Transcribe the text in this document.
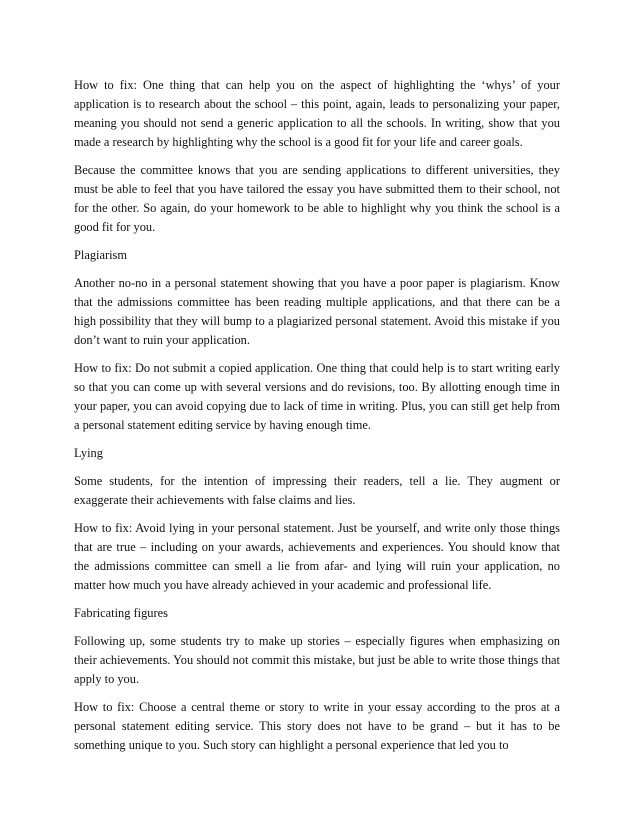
How to fix: One thing that can help you on the aspect of highlighting the ‘whys’ of your application is to research about the school – this point, again, leads to personalizing your paper, meaning you should not send a generic application to all the schools. In writing, show that you made a research by highlighting why the school is a good fit for your life and career goals.

Because the committee knows that you are sending applications to different universities, they must be able to feel that you have tailored the essay you have submitted them to their school, not for the other. So again, do your homework to be able to highlight why you think the school is a good fit for you.

Plagiarism

Another no-no in a personal statement showing that you have a poor paper is plagiarism. Know that the admissions committee has been reading multiple applications, and that there can be a high possibility that they will bump to a plagiarized personal statement. Avoid this mistake if you don’t want to ruin your application.

How to fix: Do not submit a copied application. One thing that could help is to start writing early so that you can come up with several versions and do revisions, too. By allotting enough time in your paper, you can avoid copying due to lack of time in writing. Plus, you can still get help from a personal statement editing service by having enough time.

Lying

Some students, for the intention of impressing their readers, tell a lie. They augment or exaggerate their achievements with false claims and lies.

How to fix: Avoid lying in your personal statement. Just be yourself, and write only those things that are true – including on your awards, achievements and experiences. You should know that the admissions committee can smell a lie from afar- and lying will ruin your application, no matter how much you have already achieved in your academic and professional life.

Fabricating figures

Following up, some students try to make up stories – especially figures when emphasizing on their achievements. You should not commit this mistake, but just be able to write those things that apply to you.

How to fix: Choose a central theme or story to write in your essay according to the pros at a personal statement editing service. This story does not have to be grand – but it has to be something unique to you. Such story can highlight a personal experience that led you to
